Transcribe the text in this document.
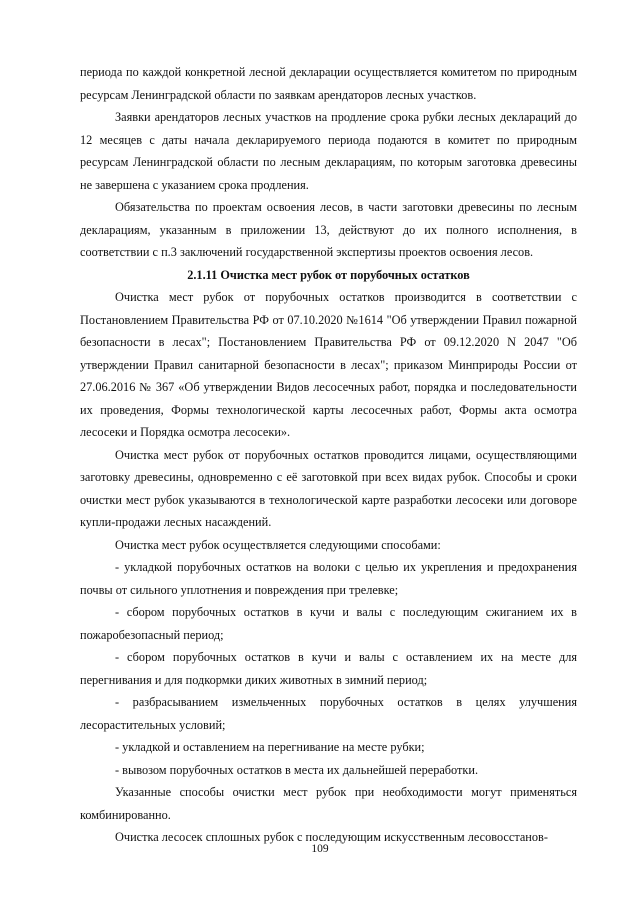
периода по каждой конкретной лесной декларации осуществляется комитетом по природным ресурсам Ленинградской области по заявкам арендаторов лесных участков.

Заявки арендаторов лесных участков на продление срока рубки лесных деклараций до 12 месяцев с даты начала декларируемого периода подаются в комитет по природным ресурсам Ленинградской области по лесным декларациям, по которым заготовка древесины не завершена с указанием срока продления.

Обязательства по проектам освоения лесов, в части заготовки древесины по лесным декларациям, указанным в приложении 13, действуют до их полного исполнения, в соответствии с п.3 заключений государственной экспертизы проектов освоения лесов.

2.1.11 Очистка мест рубок от порубочных остатков

Очистка мест рубок от порубочных остатков производится в соответствии с Постановлением Правительства РФ от 07.10.2020 №1614 "Об утверждении Правил пожарной безопасности в лесах"; Постановлением Правительства РФ от 09.12.2020 N 2047 "Об утверждении Правил санитарной безопасности в лесах"; приказом Минприроды России от 27.06.2016 № 367 «Об утверждении Видов лесосечных работ, порядка и последовательности их проведения, Формы технологической карты лесосечных работ, Формы акта осмотра лесосеки и Порядка осмотра лесосеки».

Очистка мест рубок от порубочных остатков проводится лицами, осуществляющими заготовку древесины, одновременно с её заготовкой при всех видах рубок. Способы и сроки очистки мест рубок указываются в технологической карте разработки лесосеки или договоре купли-продажи лесных насаждений.

Очистка мест рубок осуществляется следующими способами:

- укладкой порубочных остатков на волоки с целью их укрепления и предохранения почвы от сильного уплотнения и повреждения при трелевке;

- сбором порубочных остатков в кучи и валы с последующим сжиганием их в пожаробезопасный период;

- сбором порубочных остатков в кучи и валы с оставлением их на месте для перегнивания и для подкормки диких животных в зимний период;

- разбрасыванием измельченных порубочных остатков в целях улучшения лесорастительных условий;

- укладкой и оставлением на перегнивание на месте рубки;

- вывозом порубочных остатков в места их дальнейшей переработки.

Указанные способы очистки мест рубок при необходимости могут применяться комбинированно.

Очистка лесосек сплошных рубок с последующим искусственным лесовосстанов-

109
